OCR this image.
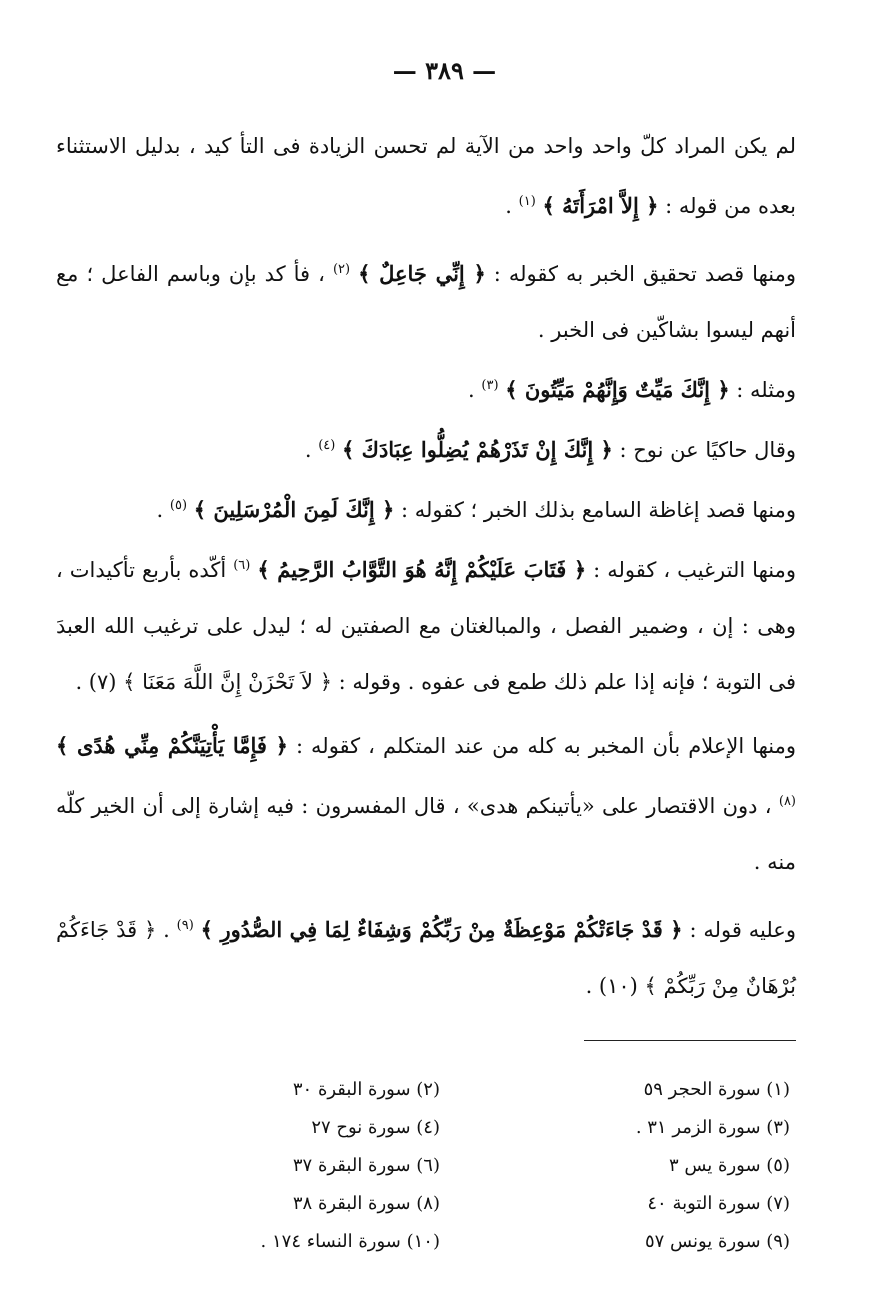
— ٣٨٩ —

لم يكن المراد كلّ واحد واحد من الآية لم تحسن الزيادة فى التأ كيد ، بدليل الاستثناء بعده من قوله : ﴿ إِلاَّ امْرَأَتَهُ ﴾ $^{(١)}$ .

ومنها قصد تحقيق الخبر به كقوله : ﴿ إِنِّي جَاعِلٌ ﴾ $^{(٢)}$ ، فأ كد بإن وباسم الفاعل ؛ مع أنهم ليسوا بشاكّين فى الخبر .

ومثله : ﴿ إِنَّكَ مَيِّتٌ وَإِنَّهُمْ مَيِّتُونَ ﴾ $^{(٣)}$ .

وقال حاكيًا عن نوح : ﴿ إِنَّكَ إِنْ تَذَرْهُمْ يُضِلُّوا عِبَادَكَ ﴾ $^{(٤)}$ .

ومنها قصد إغاظة السامع بذلك الخبر ؛ كقوله : ﴿ إِنَّكَ لَمِنَ الْمُرْسَلِينَ ﴾ $^{(٥)}$ .

ومنها الترغيب ، كقوله : ﴿ فَتَابَ عَلَيْكُمْ إِنَّهُ هُوَ التَّوَّابُ الرَّحِيمُ ﴾ $^{(٦)}$ أكّده بأربع تأكيدات ، وهى : إن ، وضمير الفصل ، والمبالغتان مع الصفتين له ؛ ليدل على ترغيب الله العبدَ فى التوبة ؛ فإنه إذا علم ذلك طمع فى عفوه . وقوله : ﴿ لاَ تَحْزَنْ إِنَّ اللَّهَ مَعَنَا ﴾ (٧) .

ومنها الإعلام بأن المخبر به كله من عند المتكلم ، كقوله : ﴿ فَإِمَّا يَأْتِيَنَّكُمْ مِنِّي هُدًى ﴾ $^{(٨)}$ ، دون الاقتصار على «يأتينكم هدى» ، قال المفسرون : فيه إشارة إلى أن الخير كلّه منه .

وعليه قوله : ﴿ قَدْ جَاءَتْكُمْ مَوْعِظَةٌ مِنْ رَبِّكُمْ وَشِفَاءٌ لِمَا فِي الصُّدُورِ ﴾ $^{(٩)}$ . ﴿ قَدْ جَاءَكُمْ بُرْهَانٌ مِنْ رَبِّكُمْ ﴾ (١٠) .

(١) سورة الحجر ٥٩
(٢) سورة البقرة ٣٠
(٣) سورة الزمر ٣١ .
(٤) سورة نوح ٢٧
(٥) سورة يس ٣
(٦) سورة البقرة ٣٧
(٧) سورة التوبة ٤٠
(٨) سورة البقرة ٣٨
(٩) سورة يونس ٥٧
(١٠) سورة النساء ١٧٤ .
